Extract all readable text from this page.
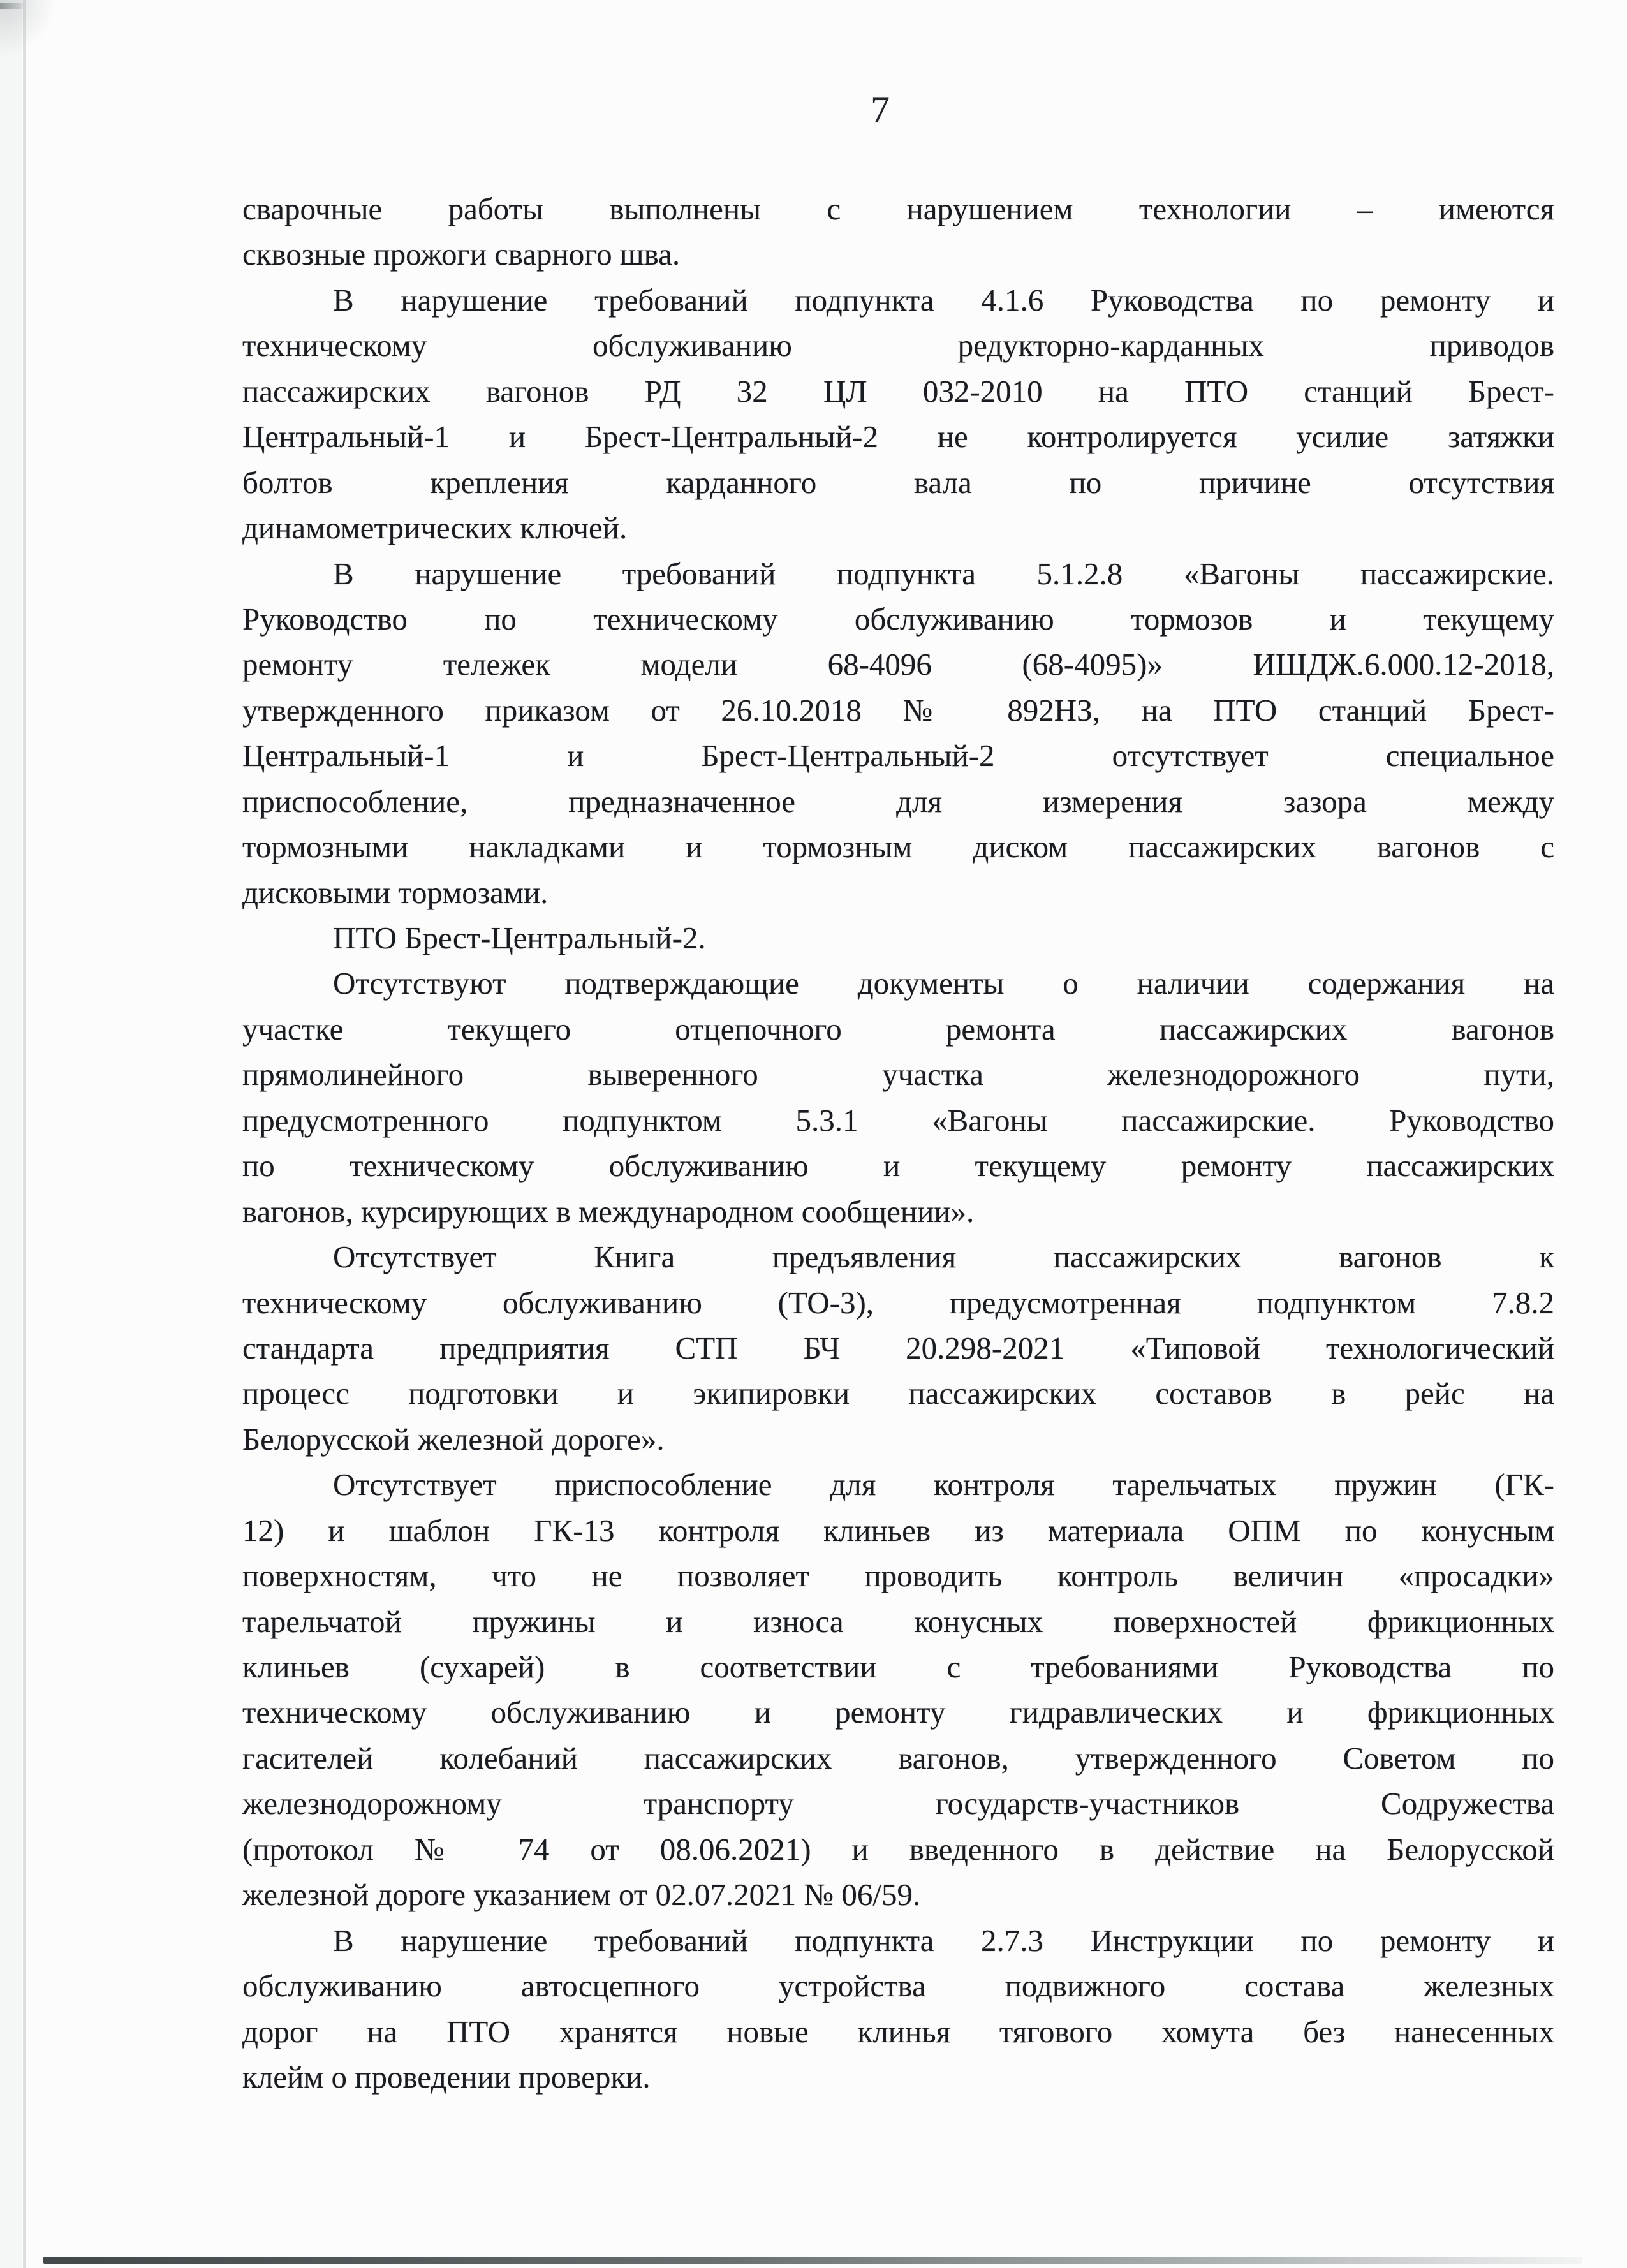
7
сварочные работы выполнены с нарушением технологии – имеются
сквозные прожоги сварного шва.
В нарушение требований подпункта 4.1.6 Руководства по ремонту и
техническому обслуживанию редукторно-карданных приводов
пассажирских вагонов РД 32 ЦЛ 032-2010 на ПТО станций Брест-
Центральный-1 и Брест-Центральный-2 не контролируется усилие затяжки
болтов крепления карданного вала по причине отсутствия
динамометрических ключей.
В нарушение требований подпункта 5.1.2.8 «Вагоны пассажирские.
Руководство по техническому обслуживанию тормозов и текущему
ремонту тележек модели 68-4096 (68-4095)» ИШДЖ.6.000.12-2018,
утвержденного приказом от 26.10.2018 № 892НЗ, на ПТО станций Брест-
Центральный-1 и Брест-Центральный-2 отсутствует специальное
приспособление, предназначенное для измерения зазора между
тормозными накладками и тормозным диском пассажирских вагонов с
дисковыми тормозами.
ПТО Брест-Центральный-2.
Отсутствуют подтверждающие документы о наличии содержания на
участке текущего отцепочного ремонта пассажирских вагонов
прямолинейного выверенного участка железнодорожного пути,
предусмотренного подпунктом 5.3.1 «Вагоны пассажирские. Руководство
по техническому обслуживанию и текущему ремонту пассажирских
вагонов, курсирующих в международном сообщении».
Отсутствует Книга предъявления пассажирских вагонов к
техническому обслуживанию (ТО-3), предусмотренная подпунктом 7.8.2
стандарта предприятия СТП БЧ 20.298-2021 «Типовой технологический
процесс подготовки и экипировки пассажирских составов в рейс на
Белорусской железной дороге».
Отсутствует приспособление для контроля тарельчатых пружин (ГК-
12) и шаблон ГК-13 контроля клиньев из материала ОПМ по конусным
поверхностям, что не позволяет проводить контроль величин «просадки»
тарельчатой пружины и износа конусных поверхностей фрикционных
клиньев (сухарей) в соответствии с требованиями Руководства по
техническому обслуживанию и ремонту гидравлических и фрикционных
гасителей колебаний пассажирских вагонов, утвержденного Советом по
железнодорожному транспорту государств-участников Содружества
(протокол № 74 от 08.06.2021) и введенного в действие на Белорусской
железной дороге указанием от 02.07.2021 № 06/59.
В нарушение требований подпункта 2.7.3 Инструкции по ремонту и
обслуживанию автосцепного устройства подвижного состава железных
дорог на ПТО хранятся новые клинья тягового хомута без нанесенных
клейм о проведении проверки.
